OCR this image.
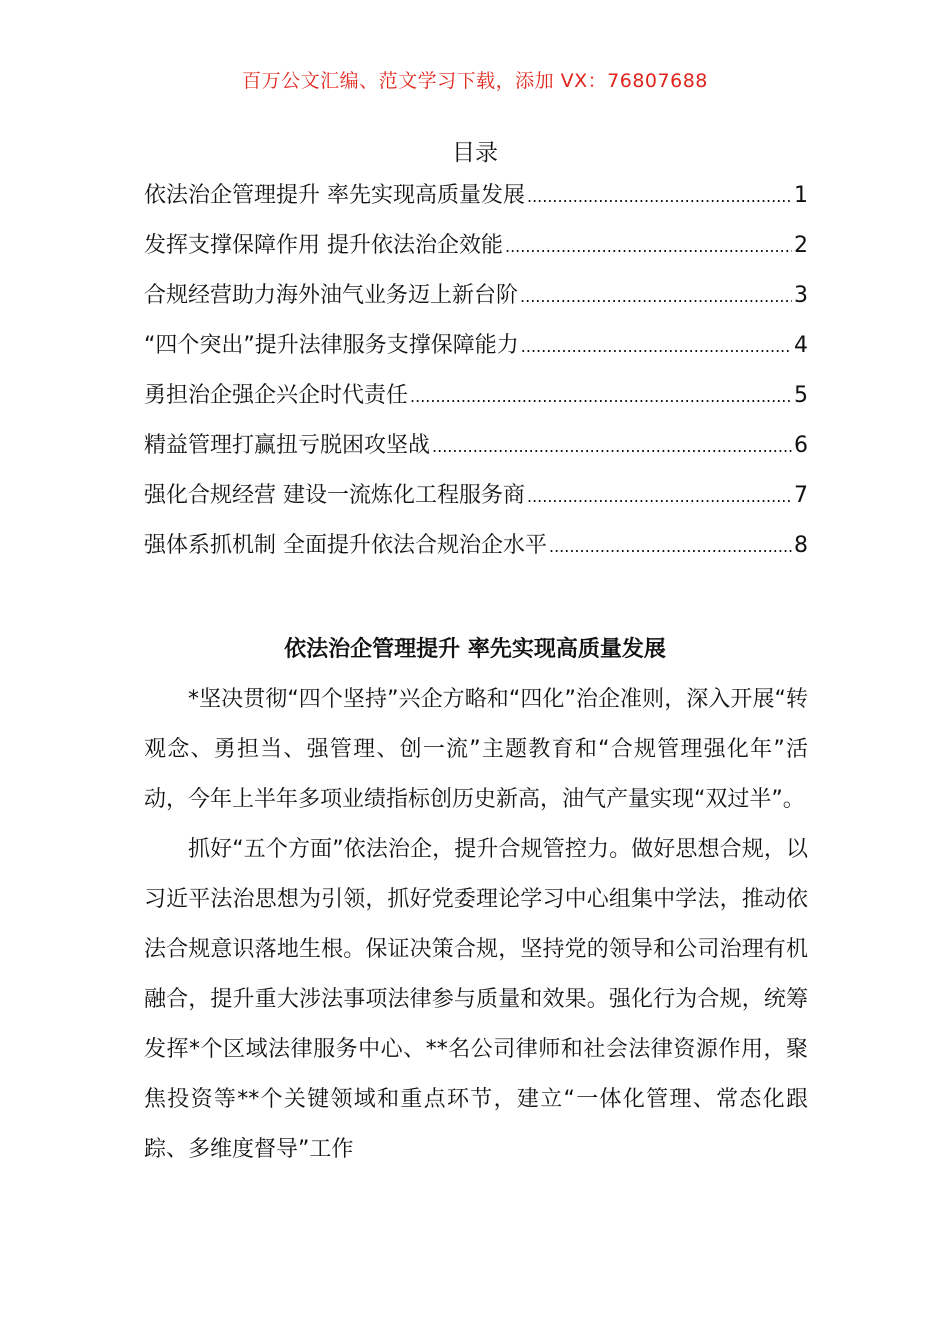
百万公文汇编、范文学习下载，添加 VX：76807688
目录
依法治企管理提升 率先实现高质量发展 .....	1
发挥支撑保障作用 提升依法治企效能 .....	2
合规经营助力海外油气业务迈上新台阶 .....	3
“四个突出”提升法律服务支撑保障能力 .....	4
勇担治企强企兴企时代责任 .....	5
精益管理打赢扭亏脱困攻坚战 .....	6
强化合规经营 建设一流炼化工程服务商 .....	7
强体系抓机制 全面提升依法合规治企水平 .....	8
依法治企管理提升 率先实现高质量发展

*坚决贯彻“四个坚持”兴企方略和“四化”治企准则，深入开展“转观念、勇担当、强管理、创一流”主题教育和“合规管理强化年”活动，今年上半年多项业绩指标创历史新高，油气产量实现“双过半”。

抓好“五个方面”依法治企，提升合规管控力。做好思想合规，以习近平法治思想为引领，抓好党委理论学习中心组集中学法，推动依法合规意识落地生根。保证决策合规，坚持党的领导和公司治理有机融合，提升重大涉法事项法律参与质量和效果。强化行为合规，统筹发挥*个区域法律服务中心、**名公司律师和社会法律资源作用，聚焦投资等**个关键领域和重点环节，建立“一体化管理、常态化跟踪、多维度督导”工作
